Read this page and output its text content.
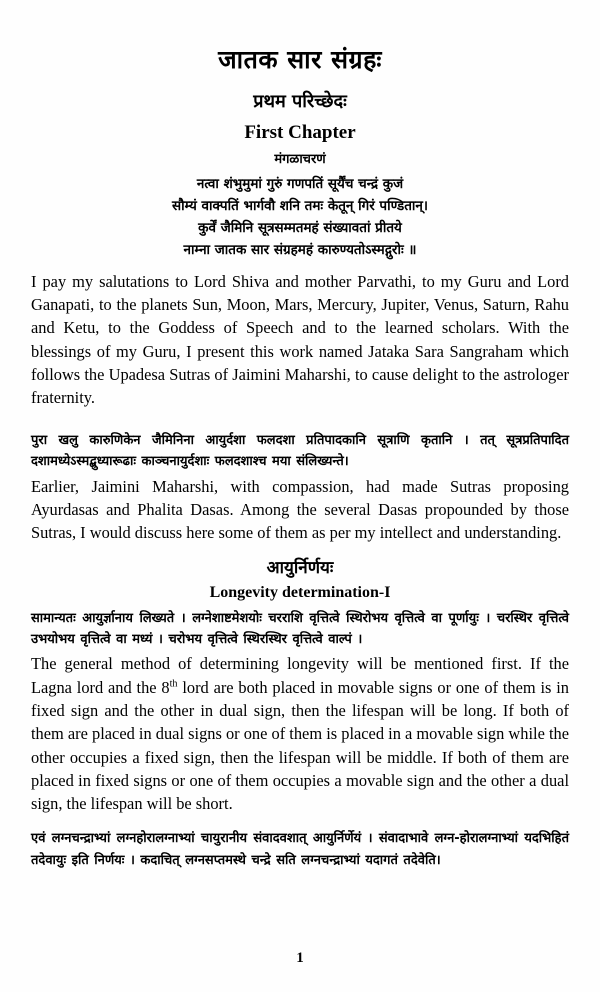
जातक सार संग्रहः
प्रथम परिच्छेदः
First Chapter
मंगळाचरणं
नत्वा शंभुमुमां गुरुं गणपतिं सूर्यैंच चन्द्रं कुजं
सौम्यं वाक्पतिं भार्गवौ शनि तमः केतून् गिरं पण्डितान्।
कुर्वें जैमिनि सूत्रसम्मतमहं संख्यावतां प्रीतये
नाम्ना जातक सार संग्रहमहं कारुण्यतोऽस्मद्गुरोः ॥

I pay my salutations to Lord Shiva and mother Parvathi, to my Guru and Lord Ganapati, to the planets Sun, Moon, Mars, Mercury, Jupiter, Venus, Saturn, Rahu and Ketu, to the Goddess of Speech and to the learned scholars. With the blessings of my Guru, I present this work named Jataka Sara Sangraham which follows the Upadesa Sutras of Jaimini Maharshi, to cause delight to the astrologer fraternity.

पुरा खलु कारुणिकेन जैमिनिना आयुर्दशा फलदशा प्रतिपादकानि सूत्राणि कृतानि । तत् सूत्रप्रतिपादित दशामध्येऽस्मद्बुध्यारूढाः काञ्चनायुर्दशाः फलदशाश्च मया संलिख्यन्ते।

Earlier, Jaimini Maharshi, with compassion, had made Sutras proposing Ayurdasas and Phalita Dasas. Among the several Dasas propounded by those Sutras, I would discuss here some of them as per my intellect and understanding.

आयुर्निर्णयः
Longevity determination-I

सामान्यतः आयुर्ज्ञानाय लिख्यते । लग्नेशाष्टमेशयोः चरराशि वृत्तित्वे स्थिरोभय वृत्तित्वे वा पूर्णायुः । चरस्थिर वृत्तित्वे उभयोभय वृत्तित्वे वा मध्यं । चरोभय वृत्तित्वे स्थिरस्थिर वृत्तित्वे वाल्पं ।

The general method of determining longevity will be mentioned first. If the Lagna lord and the 8th lord are both placed in movable signs or one of them is in fixed sign and the other in dual sign, then the lifespan will be long. If both of them are placed in dual signs or one of them is placed in a movable sign while the other occupies a fixed sign, then the lifespan will be middle. If both of them are placed in fixed signs or one of them occupies a movable sign and the other a dual sign, the lifespan will be short.

एवं लग्नचन्द्राभ्यां लग्नहोरालग्नाभ्यां चायुरानीय संवादवशात् आयुर्निर्णेयं । संवादाभावे लग्न-होरालग्नाभ्यां यदभिहितं तदेवायुः इति निर्णयः । कदाचित् लग्नसप्तमस्थे चन्द्रे सति लग्नचन्द्राभ्यां यदागतं तदेवेति।

1
